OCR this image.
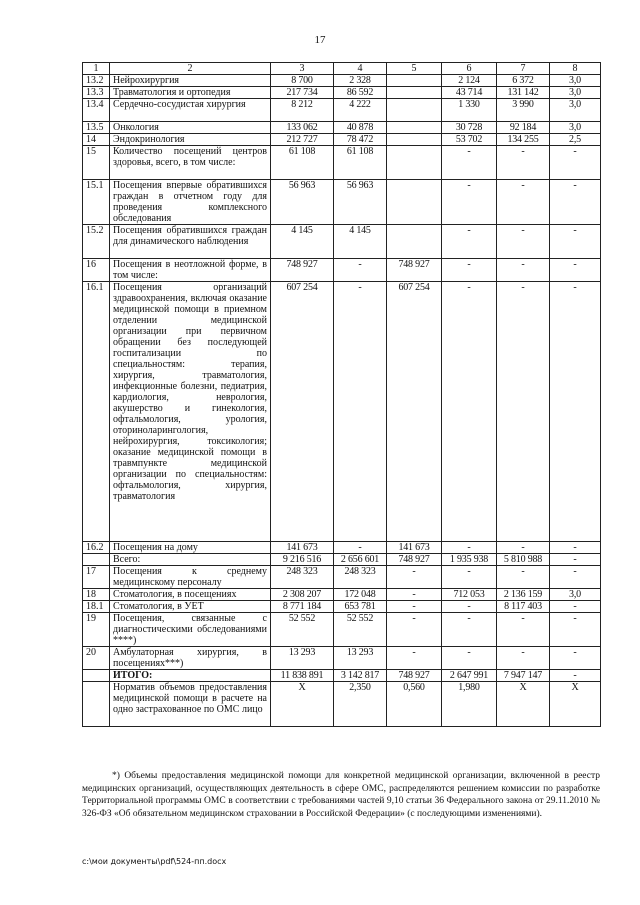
17
1	2	3	4	5	6	7	8
13.2	Нейрохирургия	8 700	2 328		2 124	6 372	3,0
13.3	Травматология и ортопедия	217 734	86 592		43 714	131 142	3,0
13.4	Сердечно-сосудистая хирургия	8 212	4 222		1 330	3 990	3,0
13.5	Онкология	133 062	40 878		30 728	92 184	3,0
14	Эндокринология	212 727	78 472		53 702	134 255	2,5
15	Количество посещений центров здоровья, всего, в том числе:	61 108	61 108		-	-	-
15.1	Посещения впервые обратившихся граждан в отчетном году для проведения комплексного обследования	56 963	56 963		-	-	-
15.2	Посещения обратившихся граждан для динамического наблюдения	4 145	4 145		-	-	-
16	Посещения в неотложной форме, в том числе:	748 927	-	748 927	-	-	-
16.1	Посещения организаций здравоохранения, включая оказание медицинской помощи в приемном отделении медицинской организации при первичном обращении без последующей госпитализации по специальностям: терапия, хирургия, травматология, инфекционные болезни, педиатрия, кардиология, неврология, акушерство и гинекология, офтальмология, урология, оториноларингология, нейрохирургия, токсикология; оказание медицинской помощи в травмпункте медицинской организации по специальностям: офтальмология, хирургия, травматология	607 254	-	607 254	-	-	-
16.2	Посещения на дому	141 673	-	141 673	-	-	-
	Всего:	9 216 516	2 656 601	748 927	1 935 938	5 810 988	-
17	Посещения к среднему медицинскому персоналу	248 323	248 323	-	-	-	-
18	Стоматология, в посещениях	2 308 207	172 048	-	712 053	2 136 159	3,0
18.1	Стоматология, в УЕТ	8 771 184	653 781	-	-	8 117 403	-
19	Посещения, связанные с диагностическими обследованиями ****)	52 552	52 552	-	-	-	-
20	Амбулаторная хирургия, в посещениях***)	13 293	13 293	-	-	-	-
	ИТОГО:	11 838 891	3 142 817	748 927	2 647 991	7 947 147	-
	Норматив объемов предоставления медицинской помощи в расчете на одно застрахованное по ОМС лицо	X	2,350	0,560	1,980	X	X
*) Объемы предоставления медицинской помощи для конкретной медицинской организации, включенной в реестр медицинских организаций, осуществляющих деятельность в сфере ОМС, распределяются решением комиссии по разработке Территориальной программы ОМС в соответствии с требованиями частей 9,10 статьи 36 Федерального закона от 29.11.2010 № 326-ФЗ «Об обязательном медицинском страховании в Российской Федерации» (с последующими изменениями).
c:\мои документы\pdf\524-пп.docx
